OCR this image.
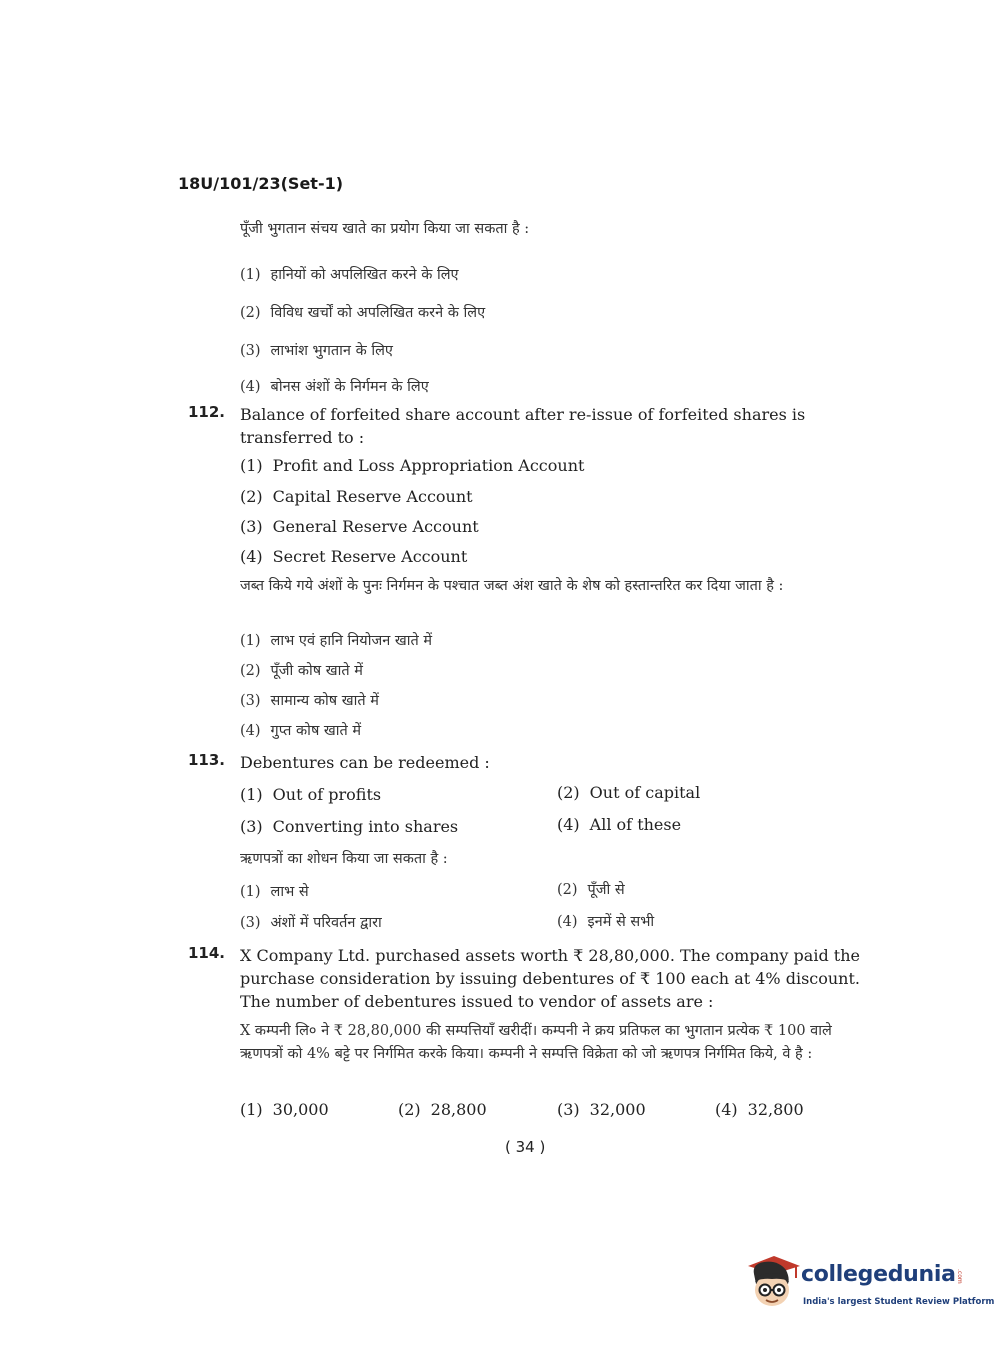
18U/101/23(Set-1)
पूँजी भुगतान संचय खाते का प्रयोग किया जा सकता है :
(1) हानियों को अपलिखित करने के लिए
(2) विविध खर्चों को अपलिखित करने के लिए
(3) लाभांश भुगतान के लिए
(4) बोनस अंशों के निर्गमन के लिए
112. Balance of forfeited share account after re-issue of forfeited shares is transferred to :
(1) Profit and Loss Appropriation Account
(2) Capital Reserve Account
(3) General Reserve Account
(4) Secret Reserve Account
जब्त किये गये अंशों के पुनः निर्गमन के पश्चात जब्त अंश खाते के शेष को हस्तान्तरित कर दिया जाता है :
(1) लाभ एवं हानि नियोजन खाते में
(2) पूँजी कोष खाते में
(3) सामान्य कोष खाते में
(4) गुप्त कोष खाते में
113. Debentures can be redeemed :
(1) Out of profits	(2) Out of capital
(3) Converting into shares	(4) All of these
ऋणपत्रों का शोधन किया जा सकता है :
(1) लाभ से	(2) पूँजी से
(3) अंशों में परिवर्तन द्वारा	(4) इनमें से सभी
114. X Company Ltd. purchased assets worth ₹ 28,80,000. The company paid the purchase consideration by issuing debentures of ₹ 100 each at 4% discount. The number of debentures issued to vendor of assets are :
X कम्पनी लि० ने ₹ 28,80,000 की सम्पत्तियाँ खरीदीं। कम्पनी ने क्रय प्रतिफल का भुगतान प्रत्येक ₹ 100 वाले ऋणपत्रों को 4% बट्टे पर निर्गमित करके किया। कम्पनी ने सम्पत्ति विक्रेता को जो ऋणपत्र निर्गमित किये, वे है :
(1) 30,000	(2) 28,800	(3) 32,000	(4) 32,800
( 34 )
collegedunia .com
India's largest Student Review Platform
